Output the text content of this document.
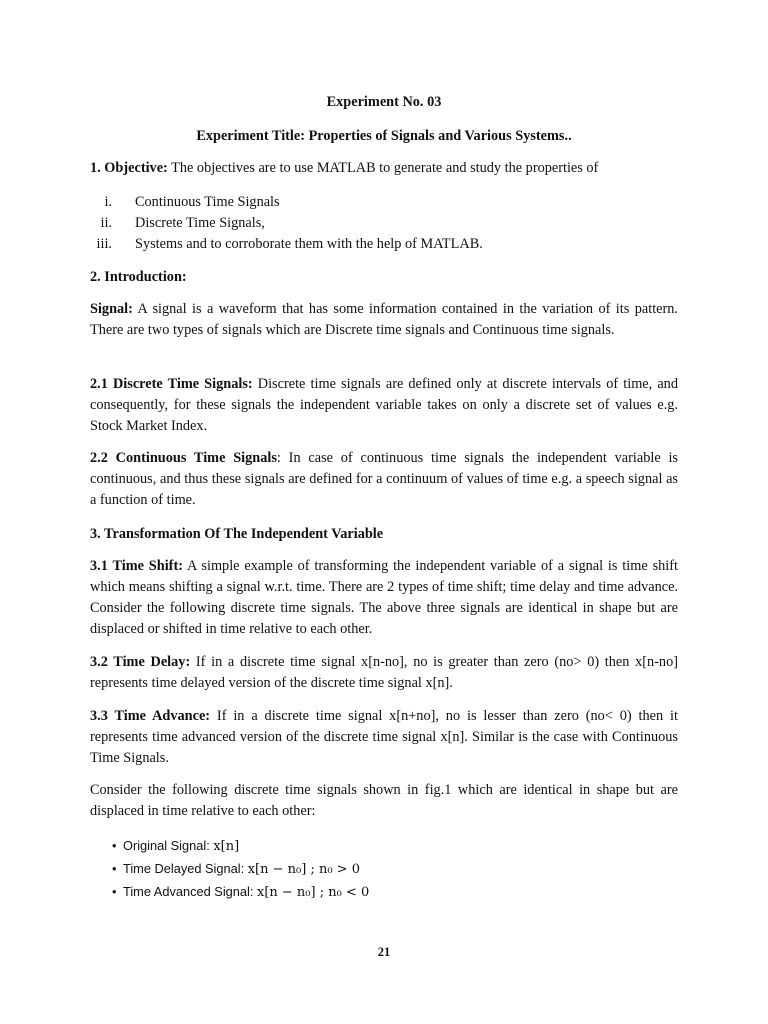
Experiment No. 03
Experiment Title: Properties of Signals and Various Systems..
1. Objective: The objectives are to use MATLAB to generate and study the properties of
i. Continuous Time Signals
ii. Discrete Time Signals,
iii. Systems and to corroborate them with the help of MATLAB.
2. Introduction:
Signal: A signal is a waveform that has some information contained in the variation of its pattern. There are two types of signals which are Discrete time signals and Continuous time signals.
2.1 Discrete Time Signals: Discrete time signals are defined only at discrete intervals of time, and consequently, for these signals the independent variable takes on only a discrete set of values e.g. Stock Market Index.
2.2 Continuous Time Signals: In case of continuous time signals the independent variable is continuous, and thus these signals are defined for a continuum of values of time e.g. a speech signal as a function of time.
3. Transformation Of The Independent Variable
3.1 Time Shift: A simple example of transforming the independent variable of a signal is time shift which means shifting a signal w.r.t. time. There are 2 types of time shift; time delay and time advance. Consider the following discrete time signals. The above three signals are identical in shape but are displaced or shifted in time relative to each other.
3.2 Time Delay: If in a discrete time signal x[n-no], no is greater than zero (no> 0) then x[n-no] represents time delayed version of the discrete time signal x[n].
3.3 Time Advance: If in a discrete time signal x[n+no], no is lesser than zero (no< 0) then it represents time advanced version of the discrete time signal x[n]. Similar is the case with Continuous Time Signals.
Consider the following discrete time signals shown in fig.1 which are identical in shape but are displaced in time relative to each other:
• Original Signal: x[n]
• Time Delayed Signal: x[n − n₀] ; n₀ > 0
• Time Advanced Signal: x[n − n₀] ; n₀ < 0
21
